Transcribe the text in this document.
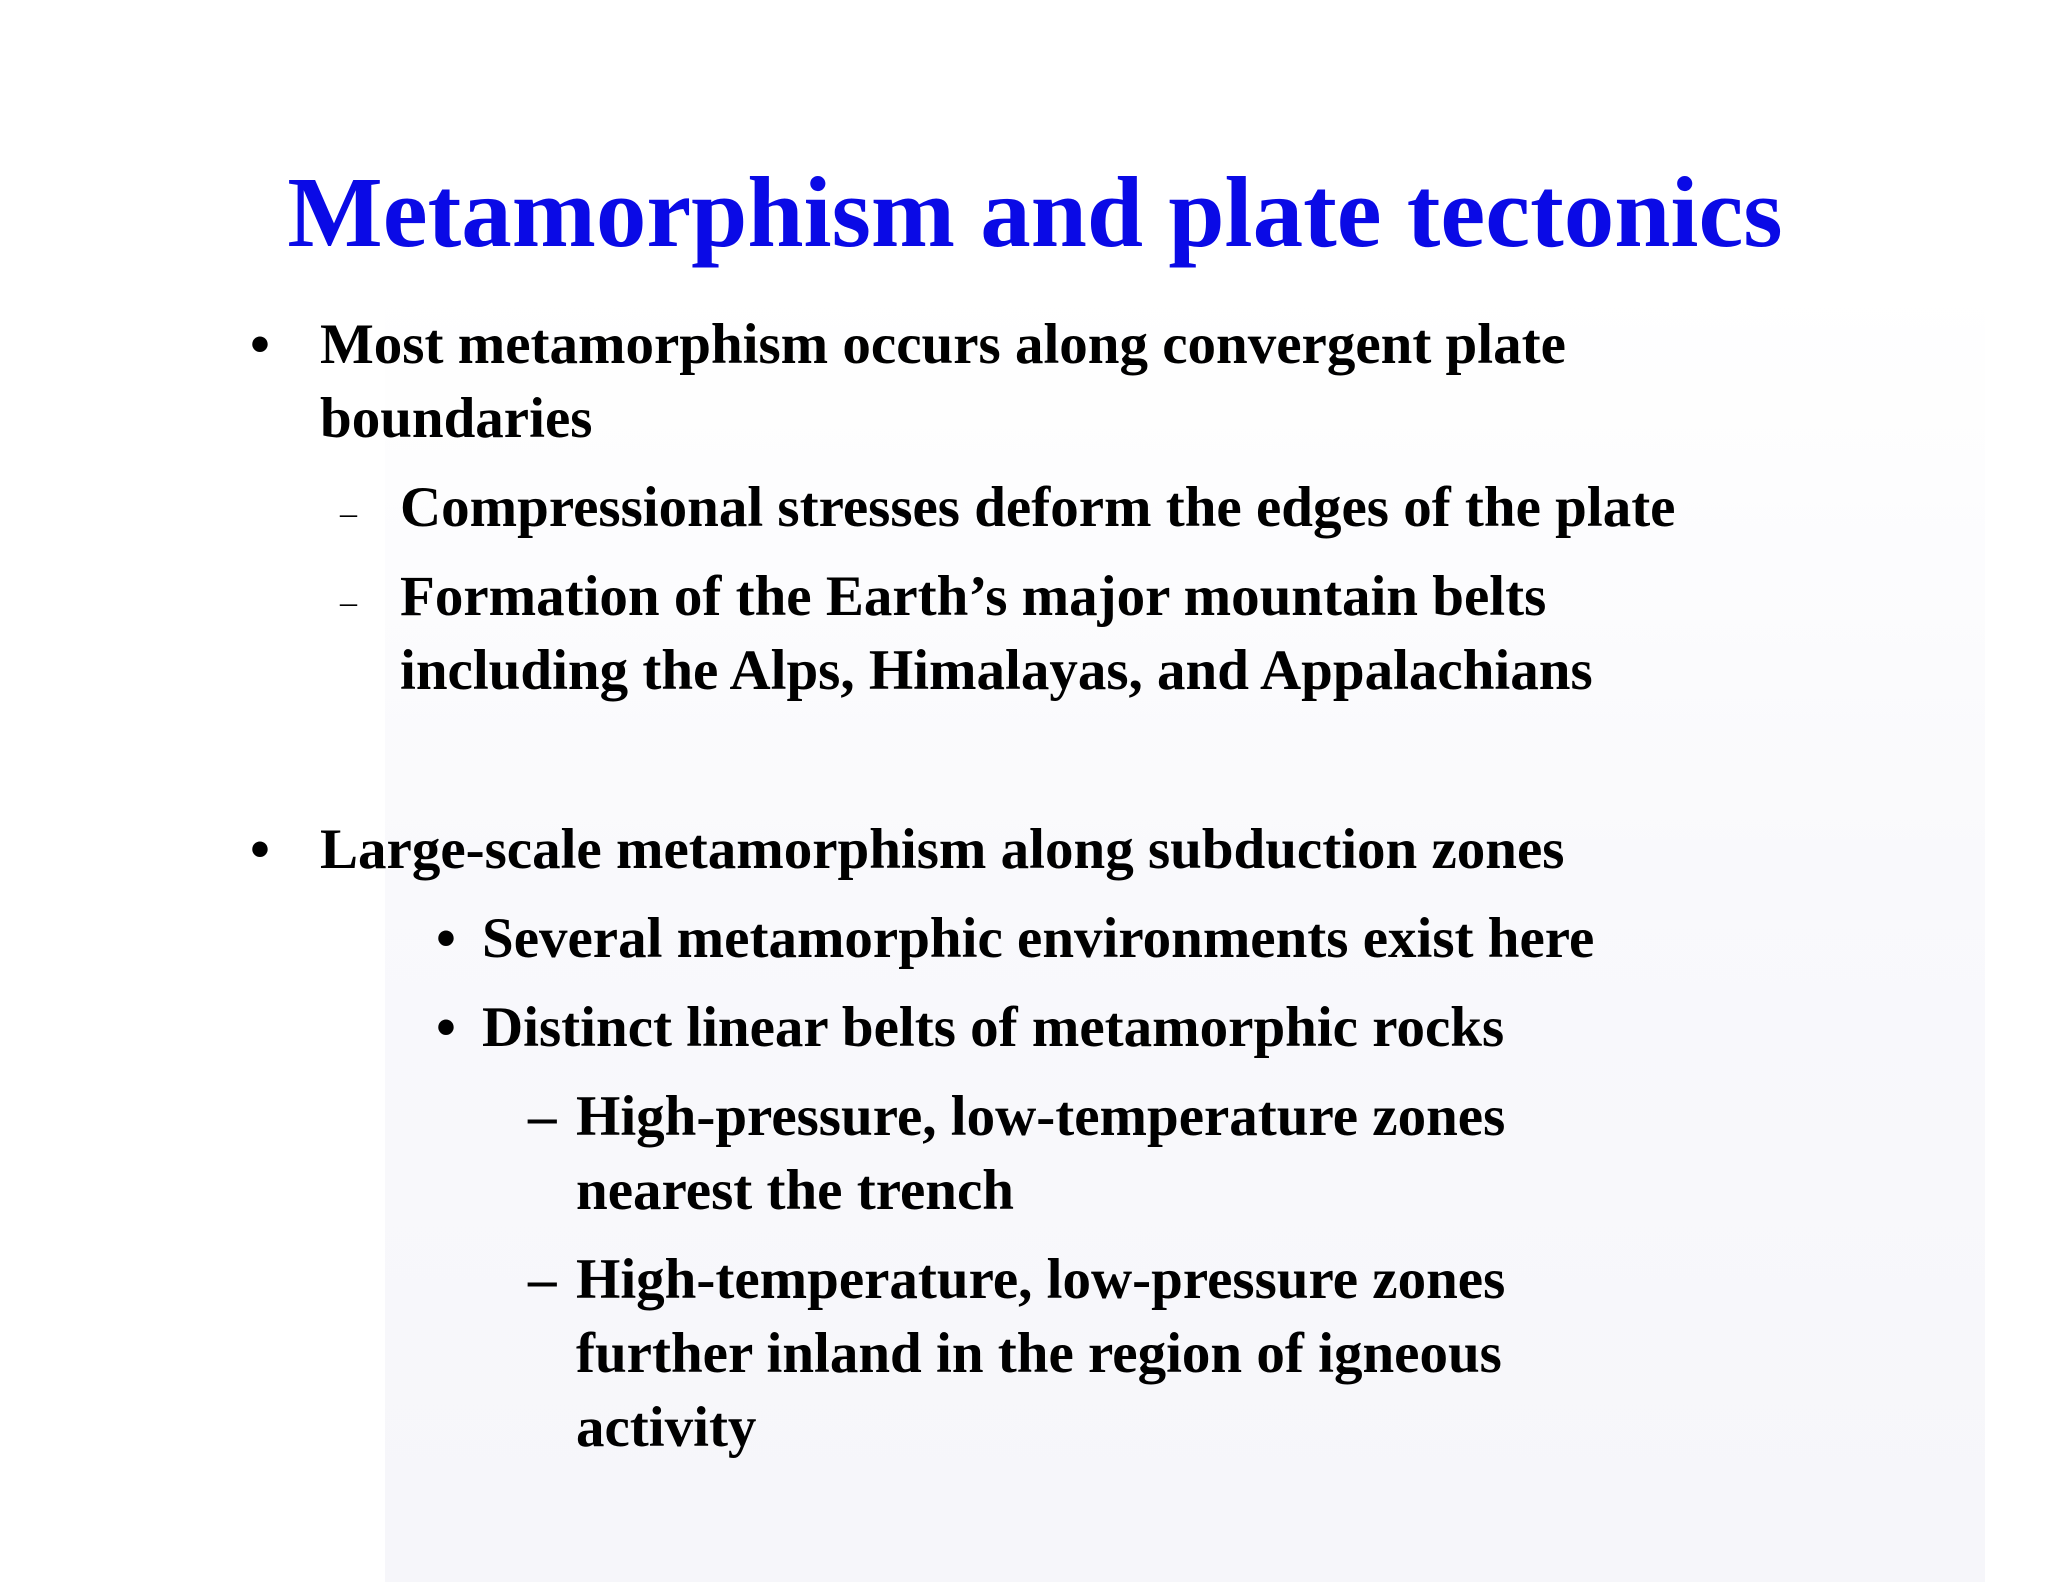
Metamorphism and plate tectonics
• Most metamorphism occurs along convergent plate
boundaries
– Compressional stresses deform the edges of the plate
– Formation of the Earth’s major mountain belts
including the Alps, Himalayas, and Appalachians
• Large-scale metamorphism along subduction zones
• Several metamorphic environments exist here
• Distinct linear belts of metamorphic rocks
– High-pressure, low-temperature zones
nearest the trench
– High-temperature, low-pressure zones
further inland in the region of igneous
activity
